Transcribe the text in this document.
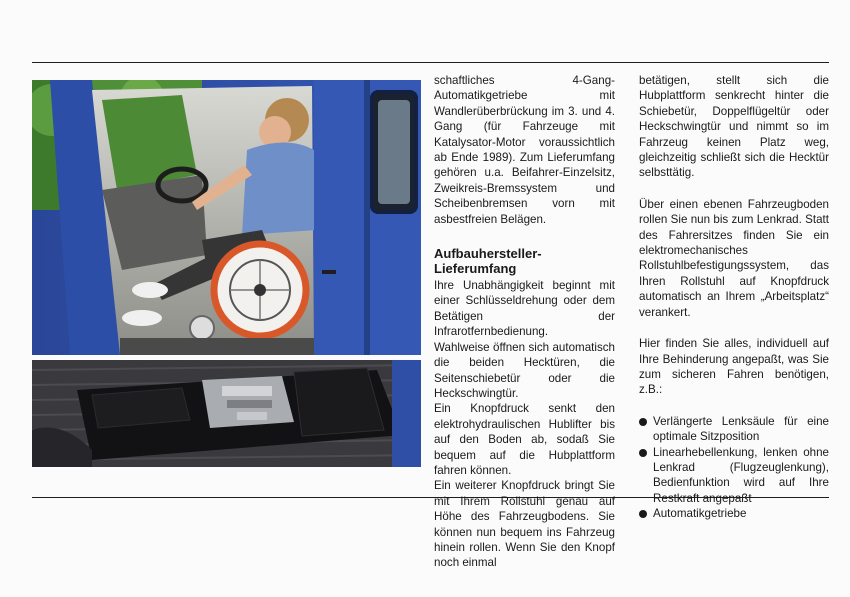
schaftliches 4-Gang-Automatikgetriebe mit Wandlerüberbrückung im 3. und 4. Gang (für Fahrzeuge mit Katalysator-Motor voraussichtlich ab Ende 1989). Zum Lieferumfang gehören u.a. Beifahrer-Einzelsitz, Zweikreis-Bremssystem und Scheibenbremsen vorn mit asbestfreien Belägen.

Aufbauhersteller-
Lieferumfang

Ihre Unabhängigkeit beginnt mit einer Schlüsseldrehung oder dem Betätigen der Infrarotfernbedienung.

Wahlweise öffnen sich automatisch die beiden Hecktüren, die Seitenschiebetür oder die Heckschwingtür.

Ein Knopfdruck senkt den elektrohydraulischen Hublifter bis auf den Boden ab, sodaß Sie bequem auf die Hubplattform fahren können.

Ein weiterer Knopfdruck bringt Sie mit Ihrem Rollstuhl genau auf Höhe des Fahrzeugbodens. Sie können nun bequem ins Fahrzeug hinein rollen. Wenn Sie den Knopf noch einmal

betätigen, stellt sich die Hubplattform senkrecht hinter die Schiebetür, Doppelflügeltür oder Heckschwingtür und nimmt so im Fahrzeug keinen Platz weg, gleichzeitig schließt sich die Hecktür selbsttätig.

Über einen ebenen Fahrzeugboden rollen Sie nun bis zum Lenkrad. Statt des Fahrersitzes finden Sie ein elektromechanisches Rollstuhlbefestigungssystem, das Ihren Rollstuhl auf Knopfdruck automatisch an Ihrem „Arbeitsplatz“ verankert.

Hier finden Sie alles, individuell auf Ihre Behinderung angepaßt, was Sie zum sicheren Fahren benötigen, z.B.:

Verlängerte Lenksäule für eine optimale Sitzposition
Linearhebellenkung, lenken ohne Lenkrad (Flugzeuglenkung), Bedienfunktion wird auf Ihre Restkraft angepaßt
Automatikgetriebe
